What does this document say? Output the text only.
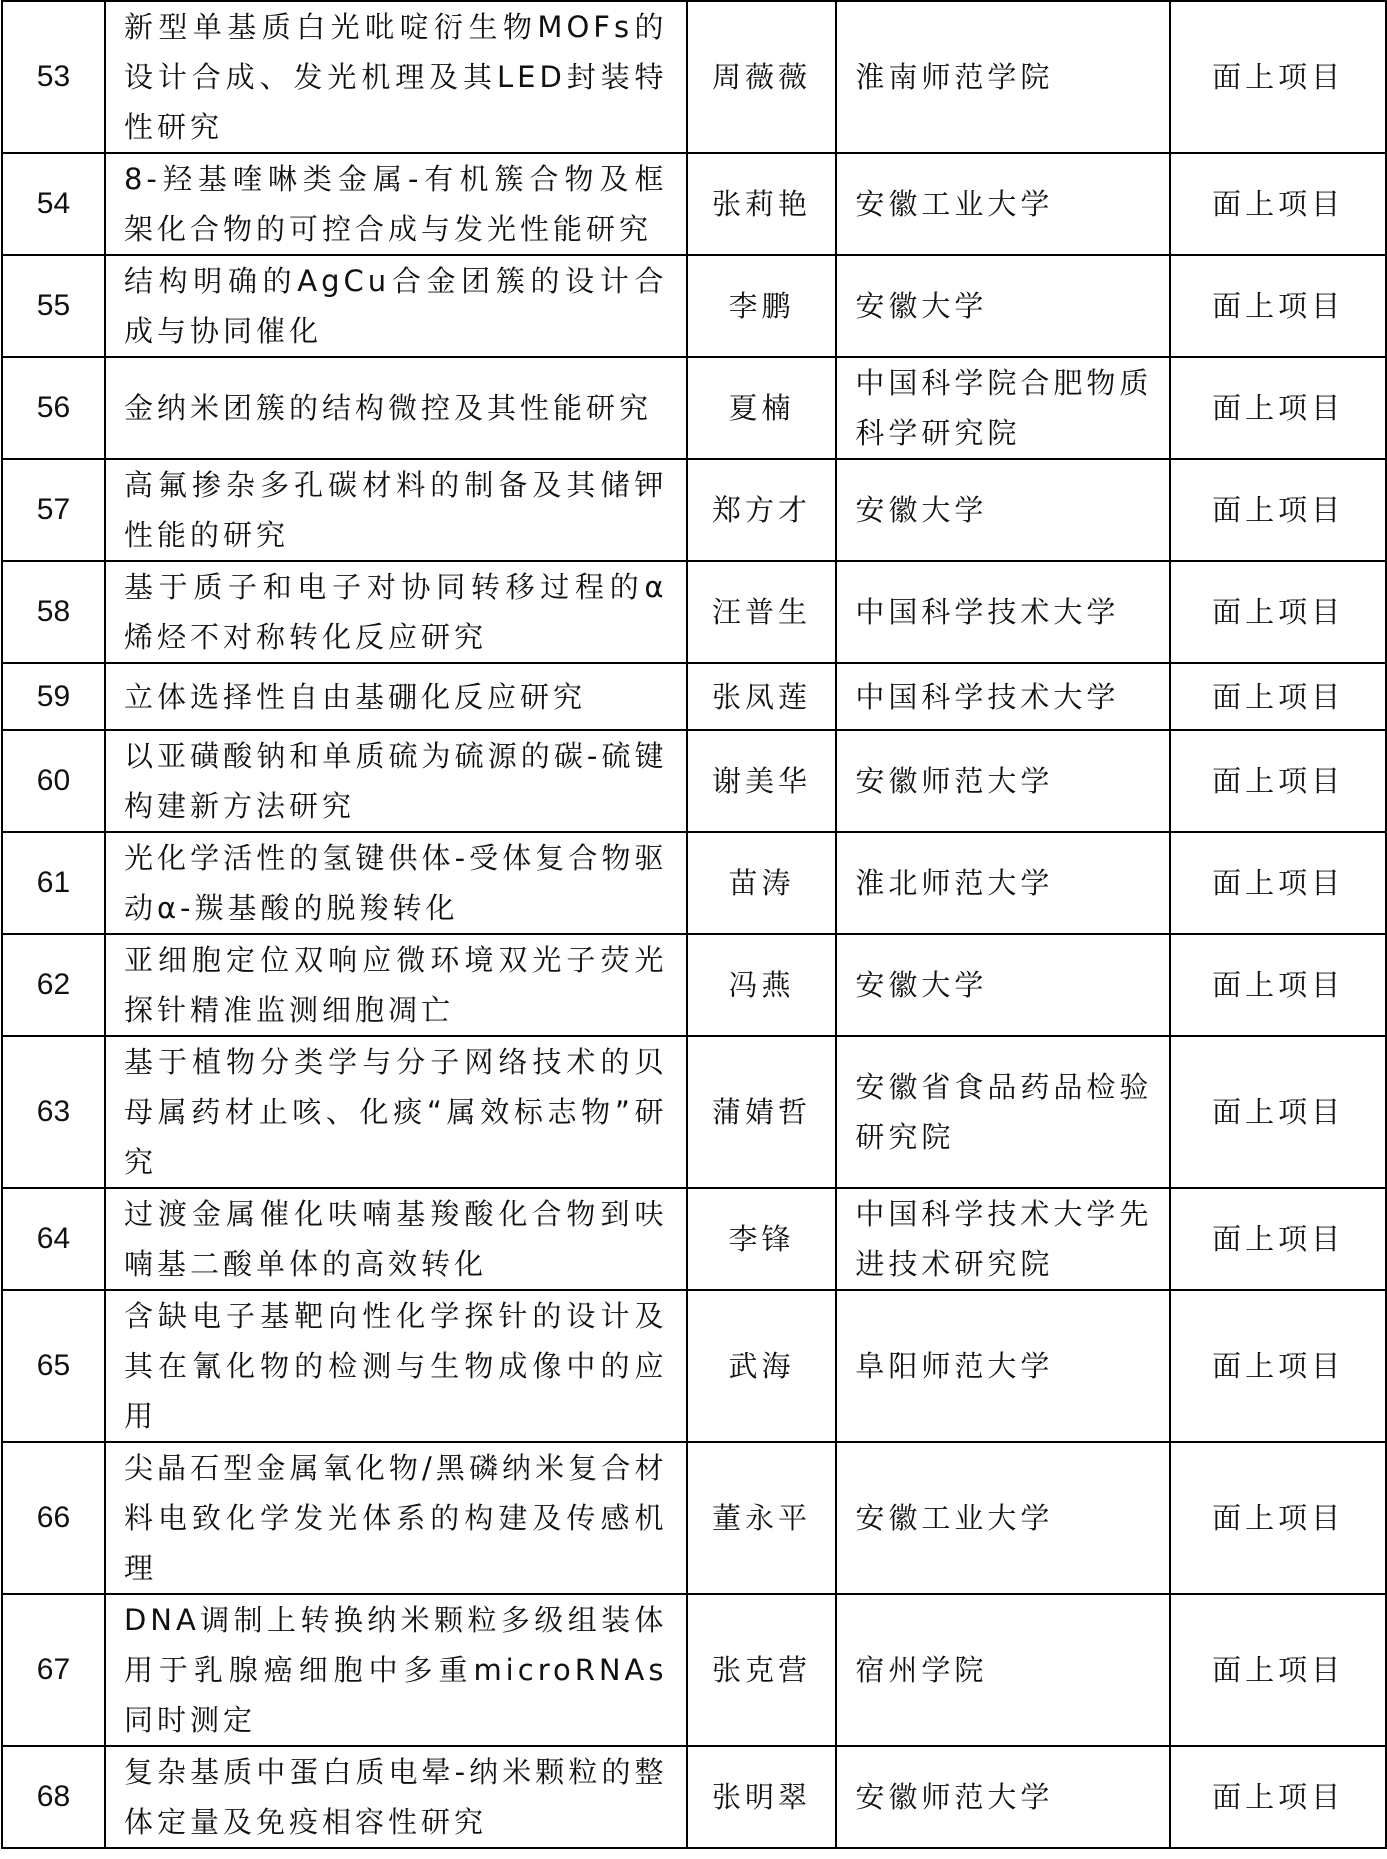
53	新型单基质白光吡啶衍生物MOFs的设计合成、发光机理及其LED封装特性研究	周薇薇	淮南师范学院	面上项目
54	8-羟基喹啉类金属-有机簇合物及框架化合物的可控合成与发光性能研究	张莉艳	安徽工业大学	面上项目
55	结构明确的AgCu合金团簇的设计合成与协同催化	李鹏	安徽大学	面上项目
56	金纳米团簇的结构微控及其性能研究	夏楠	中国科学院合肥物质科学研究院	面上项目
57	高氟掺杂多孔碳材料的制备及其储钾性能的研究	郑方才	安徽大学	面上项目
58	基于质子和电子对协同转移过程的α烯烃不对称转化反应研究	汪普生	中国科学技术大学	面上项目
59	立体选择性自由基硼化反应研究	张凤莲	中国科学技术大学	面上项目
60	以亚磺酸钠和单质硫为硫源的碳-硫键构建新方法研究	谢美华	安徽师范大学	面上项目
61	光化学活性的氢键供体-受体复合物驱动α-羰基酸的脱羧转化	苗涛	淮北师范大学	面上项目
62	亚细胞定位双响应微环境双光子荧光探针精准监测细胞凋亡	冯燕	安徽大学	面上项目
63	基于植物分类学与分子网络技术的贝母属药材止咳、化痰“属效标志物”研究	蒲婧哲	安徽省食品药品检验研究院	面上项目
64	过渡金属催化呋喃基羧酸化合物到呋喃基二酸单体的高效转化	李锋	中国科学技术大学先进技术研究院	面上项目
65	含缺电子基靶向性化学探针的设计及其在氰化物的检测与生物成像中的应用	武海	阜阳师范大学	面上项目
66	尖晶石型金属氧化物/黑磷纳米复合材料电致化学发光体系的构建及传感机理	董永平	安徽工业大学	面上项目
67	DNA调制上转换纳米颗粒多级组装体用于乳腺癌细胞中多重microRNAs同时测定	张克营	宿州学院	面上项目
68	复杂基质中蛋白质电晕-纳米颗粒的整体定量及免疫相容性研究	张明翠	安徽师范大学	面上项目
